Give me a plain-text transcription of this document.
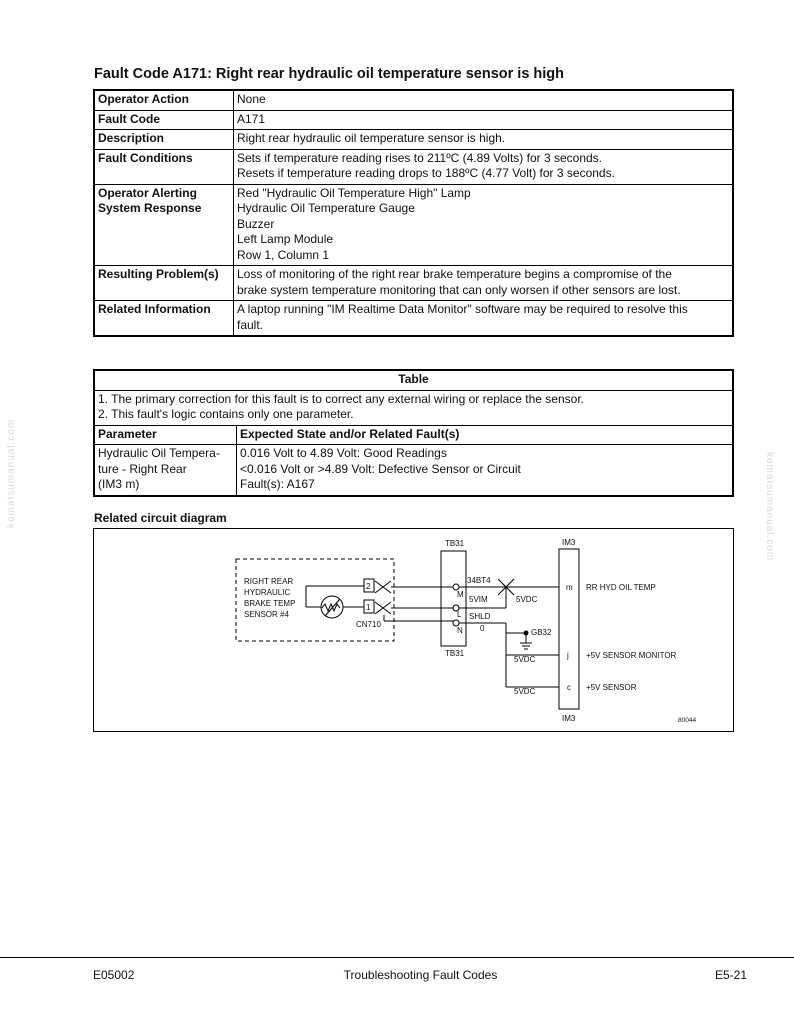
Fault Code A171: Right rear hydraulic oil temperature sensor is high
Operator Action	None

Fault Code	A171

Description	Right rear hydraulic oil temperature sensor is high.

Fault Conditions	Sets if temperature reading rises to 211ºC (4.89 Volts) for 3 seconds.
Resets if temperature reading drops to 188ºC (4.77 Volt) for 3 seconds.

Operator Alerting
System Response	Red "Hydraulic Oil Temperature High" Lamp
Hydraulic Oil Temperature Gauge
Buzzer
Left Lamp Module
Row 1, Column 1

Resulting Problem(s)	Loss of monitoring of the right rear brake temperature begins a compromise of the
brake system temperature monitoring that can only worsen if other sensors are lost.

Related Information	A laptop running "IM Realtime Data Monitor" software may be required to resolve this
fault.
Table	

1. The primary correction for this fault is to correct any external wiring or replace the sensor.
2. This fault's logic contains only one parameter.	

Parameter	Expected State and/or Related Fault(s)

Hydraulic Oil Tempera-
ture - Right Rear
(IM3 m)	0.016 Volt to 4.89 Volt: Good Readings
<0.016 Volt or >4.89 Volt: Defective Sensor or Circuit
Fault(s): A167
Related circuit diagram
RIGHT REAR
HYDRAULIC
BRAKE TEMP
SENSOR #4
2
1
CN710
TB31
TB31
M
L
N
34BT4
5VIM
SHLD
0
5VDC
GB32
5VDC
5VDC
IM3
IM3
m
j
c
RR HYD OIL TEMP
+5V SENSOR MONITOR
+5V SENSOR
80044
komatsumanual.com	komatsumanual.com
E05002	Troubleshooting Fault Codes	E5-21
